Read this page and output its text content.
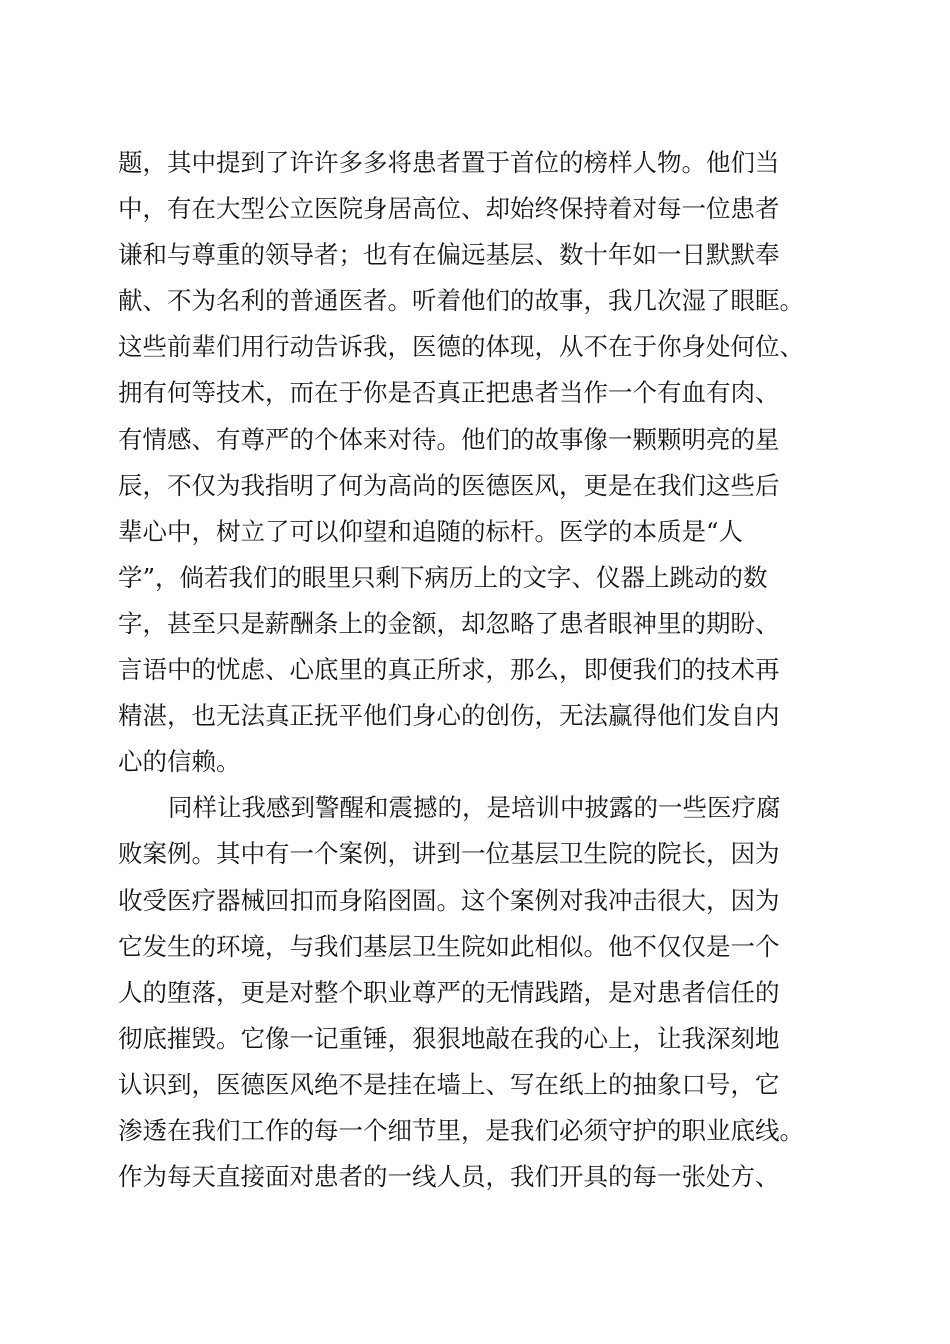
题，其中提到了许许多多将患者置于首位的榜样人物。他们当
中，有在大型公立医院身居高位、却始终保持着对每一位患者
谦和与尊重的领导者；也有在偏远基层、数十年如一日默默奉
献、不为名利的普通医者。听着他们的故事，我几次湿了眼眶。
这些前辈们用行动告诉我，医德的体现，从不在于你身处何位、
拥有何等技术，而在于你是否真正把患者当作一个有血有肉、
有情感、有尊严的个体来对待。他们的故事像一颗颗明亮的星
辰，不仅为我指明了何为高尚的医德医风，更是在我们这些后
辈心中，树立了可以仰望和追随的标杆。医学的本质是“人
学”，倘若我们的眼里只剩下病历上的文字、仪器上跳动的数
字，甚至只是薪酬条上的金额，却忽略了患者眼神里的期盼、
言语中的忧虑、心底里的真正所求，那么，即便我们的技术再
精湛，也无法真正抚平他们身心的创伤，无法赢得他们发自内
心的信赖。
同样让我感到警醒和震撼的，是培训中披露的一些医疗腐
败案例。其中有一个案例，讲到一位基层卫生院的院长，因为
收受医疗器械回扣而身陷囹圄。这个案例对我冲击很大，因为
它发生的环境，与我们基层卫生院如此相似。他不仅仅是一个
人的堕落，更是对整个职业尊严的无情践踏，是对患者信任的
彻底摧毁。它像一记重锤，狠狠地敲在我的心上，让我深刻地
认识到，医德医风绝不是挂在墙上、写在纸上的抽象口号，它
渗透在我们工作的每一个细节里，是我们必须守护的职业底线。
作为每天直接面对患者的一线人员，我们开具的每一张处方、
